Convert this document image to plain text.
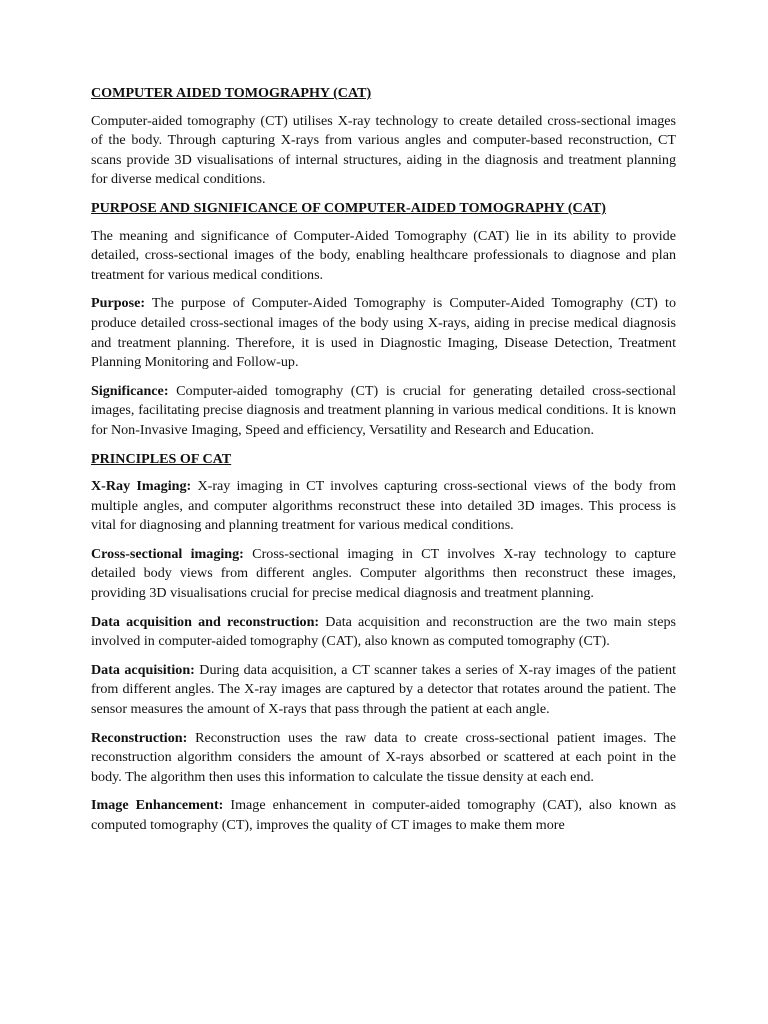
COMPUTER AIDED TOMOGRAPHY (CAT)

Computer-aided tomography (CT) utilises X-ray technology to create detailed cross-sectional images of the body. Through capturing X-rays from various angles and computer-based reconstruction, CT scans provide 3D visualisations of internal structures, aiding in the diagnosis and treatment planning for diverse medical conditions.

PURPOSE AND SIGNIFICANCE OF COMPUTER-AIDED TOMOGRAPHY (CAT)

The meaning and significance of Computer-Aided Tomography (CAT) lie in its ability to provide detailed, cross-sectional images of the body, enabling healthcare professionals to diagnose and plan treatment for various medical conditions.

Purpose: The purpose of Computer-Aided Tomography is Computer-Aided Tomography (CT) to produce detailed cross-sectional images of the body using X-rays, aiding in precise medical diagnosis and treatment planning. Therefore, it is used in Diagnostic Imaging, Disease Detection, Treatment Planning Monitoring and Follow-up.

Significance: Computer-aided tomography (CT) is crucial for generating detailed cross-sectional images, facilitating precise diagnosis and treatment planning in various medical conditions. It is known for Non-Invasive Imaging, Speed and efficiency, Versatility and Research and Education.

PRINCIPLES OF CAT

X-Ray Imaging: X-ray imaging in CT involves capturing cross-sectional views of the body from multiple angles, and computer algorithms reconstruct these into detailed 3D images. This process is vital for diagnosing and planning treatment for various medical conditions.

Cross-sectional imaging: Cross-sectional imaging in CT involves X-ray technology to capture detailed body views from different angles. Computer algorithms then reconstruct these images, providing 3D visualisations crucial for precise medical diagnosis and treatment planning.

Data acquisition and reconstruction: Data acquisition and reconstruction are the two main steps involved in computer-aided tomography (CAT), also known as computed tomography (CT).

Data acquisition: During data acquisition, a CT scanner takes a series of X-ray images of the patient from different angles. The X-ray images are captured by a detector that rotates around the patient. The sensor measures the amount of X-rays that pass through the patient at each angle.

Reconstruction: Reconstruction uses the raw data to create cross-sectional patient images. The reconstruction algorithm considers the amount of X-rays absorbed or scattered at each point in the body. The algorithm then uses this information to calculate the tissue density at each end.

Image Enhancement: Image enhancement in computer-aided tomography (CAT), also known as computed tomography (CT), improves the quality of CT images to make them more
